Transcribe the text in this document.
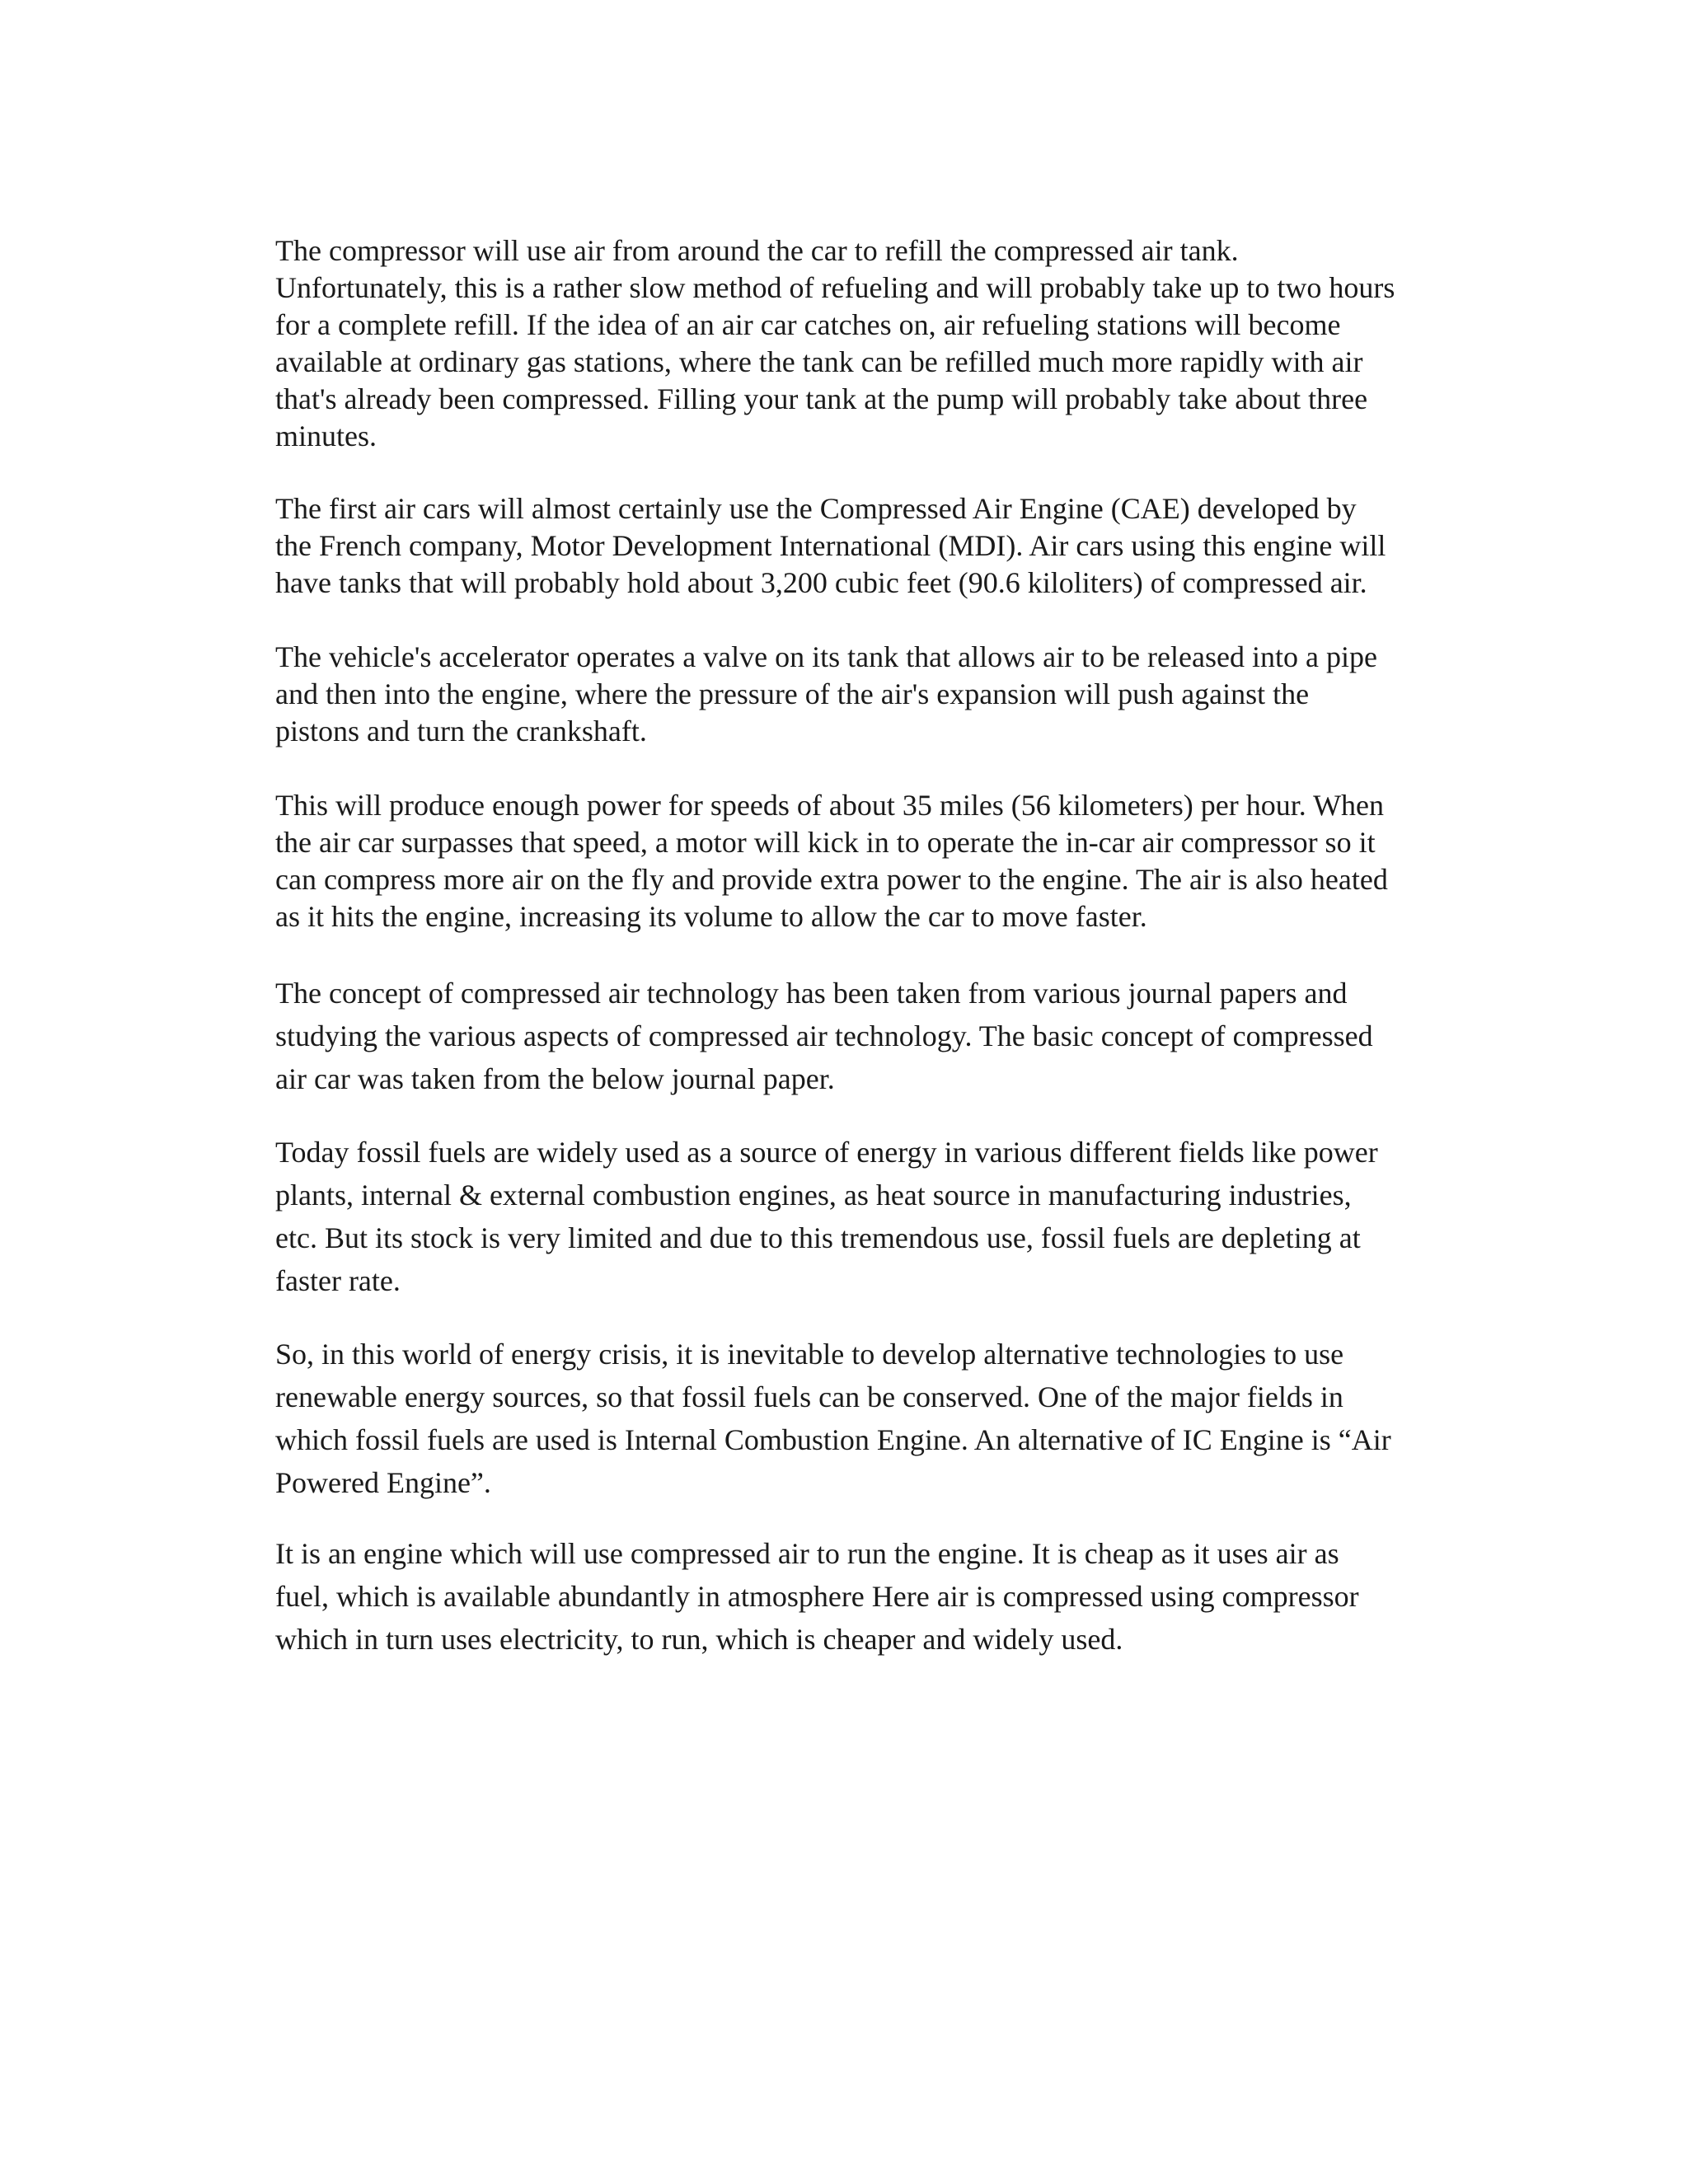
The compressor will use air from around the car to refill the compressed air tank.
Unfortunately, this is a rather slow method of refueling and will probably take up to two hours
for a complete refill. If the idea of an air car catches on, air refueling stations will become
available at ordinary gas stations, where the tank can be refilled much more rapidly with air
that's already been compressed. Filling your tank at the pump will probably take about three
minutes.

The first air cars will almost certainly use the Compressed Air Engine (CAE) developed by
the French company, Motor Development International (MDI). Air cars using this engine will
have tanks that will probably hold about 3,200 cubic feet (90.6 kiloliters) of compressed air.

The vehicle's accelerator operates a valve on its tank that allows air to be released into a pipe
and then into the engine, where the pressure of the air's expansion will push against the
pistons and turn the crankshaft.

This will produce enough power for speeds of about 35 miles (56 kilometers) per hour. When
the air car surpasses that speed, a motor will kick in to operate the in-car air compressor so it
can compress more air on the fly and provide extra power to the engine. The air is also heated
as it hits the engine, increasing its volume to allow the car to move faster.

The concept of compressed air technology has been taken from various journal papers and
studying the various aspects of compressed air technology. The basic concept of compressed
air car was taken from the below journal paper.

Today fossil fuels are widely used as a source of energy in various different fields like power
plants, internal & external combustion engines, as heat source in manufacturing industries,
etc. But its stock is very limited and due to this tremendous use, fossil fuels are depleting at
faster rate.

So, in this world of energy crisis, it is inevitable to develop alternative technologies to use
renewable energy sources, so that fossil fuels can be conserved. One of the major fields in
which fossil fuels are used is Internal Combustion Engine. An alternative of IC Engine is “Air
Powered Engine”.

It is an engine which will use compressed air to run the engine. It is cheap as it uses air as
fuel, which is available abundantly in atmosphere Here air is compressed using compressor
which in turn uses electricity, to run, which is cheaper and widely used.
